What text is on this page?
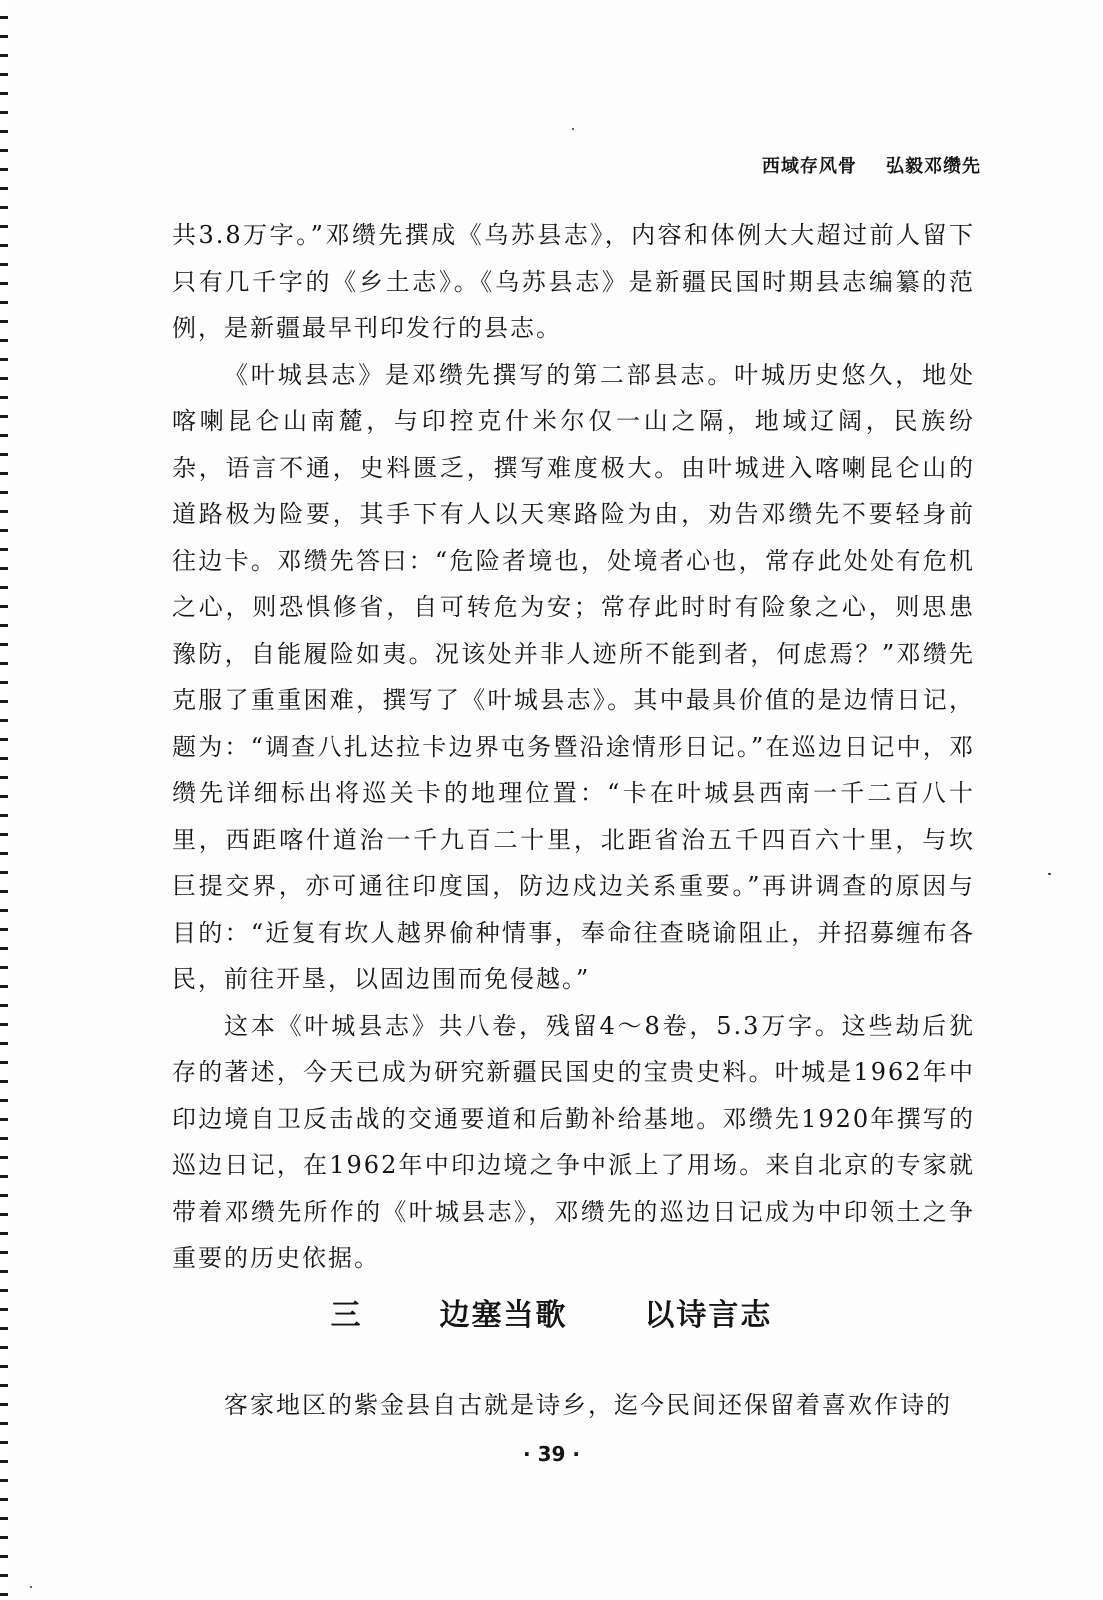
西域存风骨    弘毅邓缵先

共3.8万字。”邓缵先撰成《乌苏县志》，内容和体例大大超过前人留下只有几千字的《乡土志》。《乌苏县志》是新疆民国时期县志编纂的范例，是新疆最早刊印发行的县志。

《叶城县志》是邓缵先撰写的第二部县志。叶城历史悠久，地处喀喇昆仑山南麓，与印控克什米尔仅一山之隔，地域辽阔，民族纷杂，语言不通，史料匮乏，撰写难度极大。由叶城进入喀喇昆仑山的道路极为险要，其手下有人以天寒路险为由，劝告邓缵先不要轻身前往边卡。邓缵先答曰：“危险者境也，处境者心也，常存此处处有危机之心，则恐惧修省，自可转危为安；常存此时时有险象之心，则思患豫防，自能履险如夷。况该处并非人迹所不能到者，何虑焉？”邓缵先克服了重重困难，撰写了《叶城县志》。其中最具价值的是边情日记，题为：“调查八扎达拉卡边界屯务暨沿途情形日记。”在巡边日记中，邓缵先详细标出将巡关卡的地理位置：“卡在叶城县西南一千二百八十里，西距喀什道治一千九百二十里，北距省治五千四百六十里，与坎巨提交界，亦可通往印度国，防边戍边关系重要。”再讲调查的原因与目的：“近复有坎人越界偷种情事，奉命往查晓谕阻止，并招募缠布各民，前往开垦，以固边围而免侵越。”

这本《叶城县志》共八卷，残留4～8卷，5.3万字。这些劫后犹存的著述，今天已成为研究新疆民国史的宝贵史料。叶城是1962年中印边境自卫反击战的交通要道和后勤补给基地。邓缵先1920年撰写的巡边日记，在1962年中印边境之争中派上了用场。来自北京的专家就带着邓缵先所作的《叶城县志》，邓缵先的巡边日记成为中印领土之争重要的历史依据。

三  边塞当歌  以诗言志

客家地区的紫金县自古就是诗乡，迄今民间还保留着喜欢作诗的

· 39 ·
